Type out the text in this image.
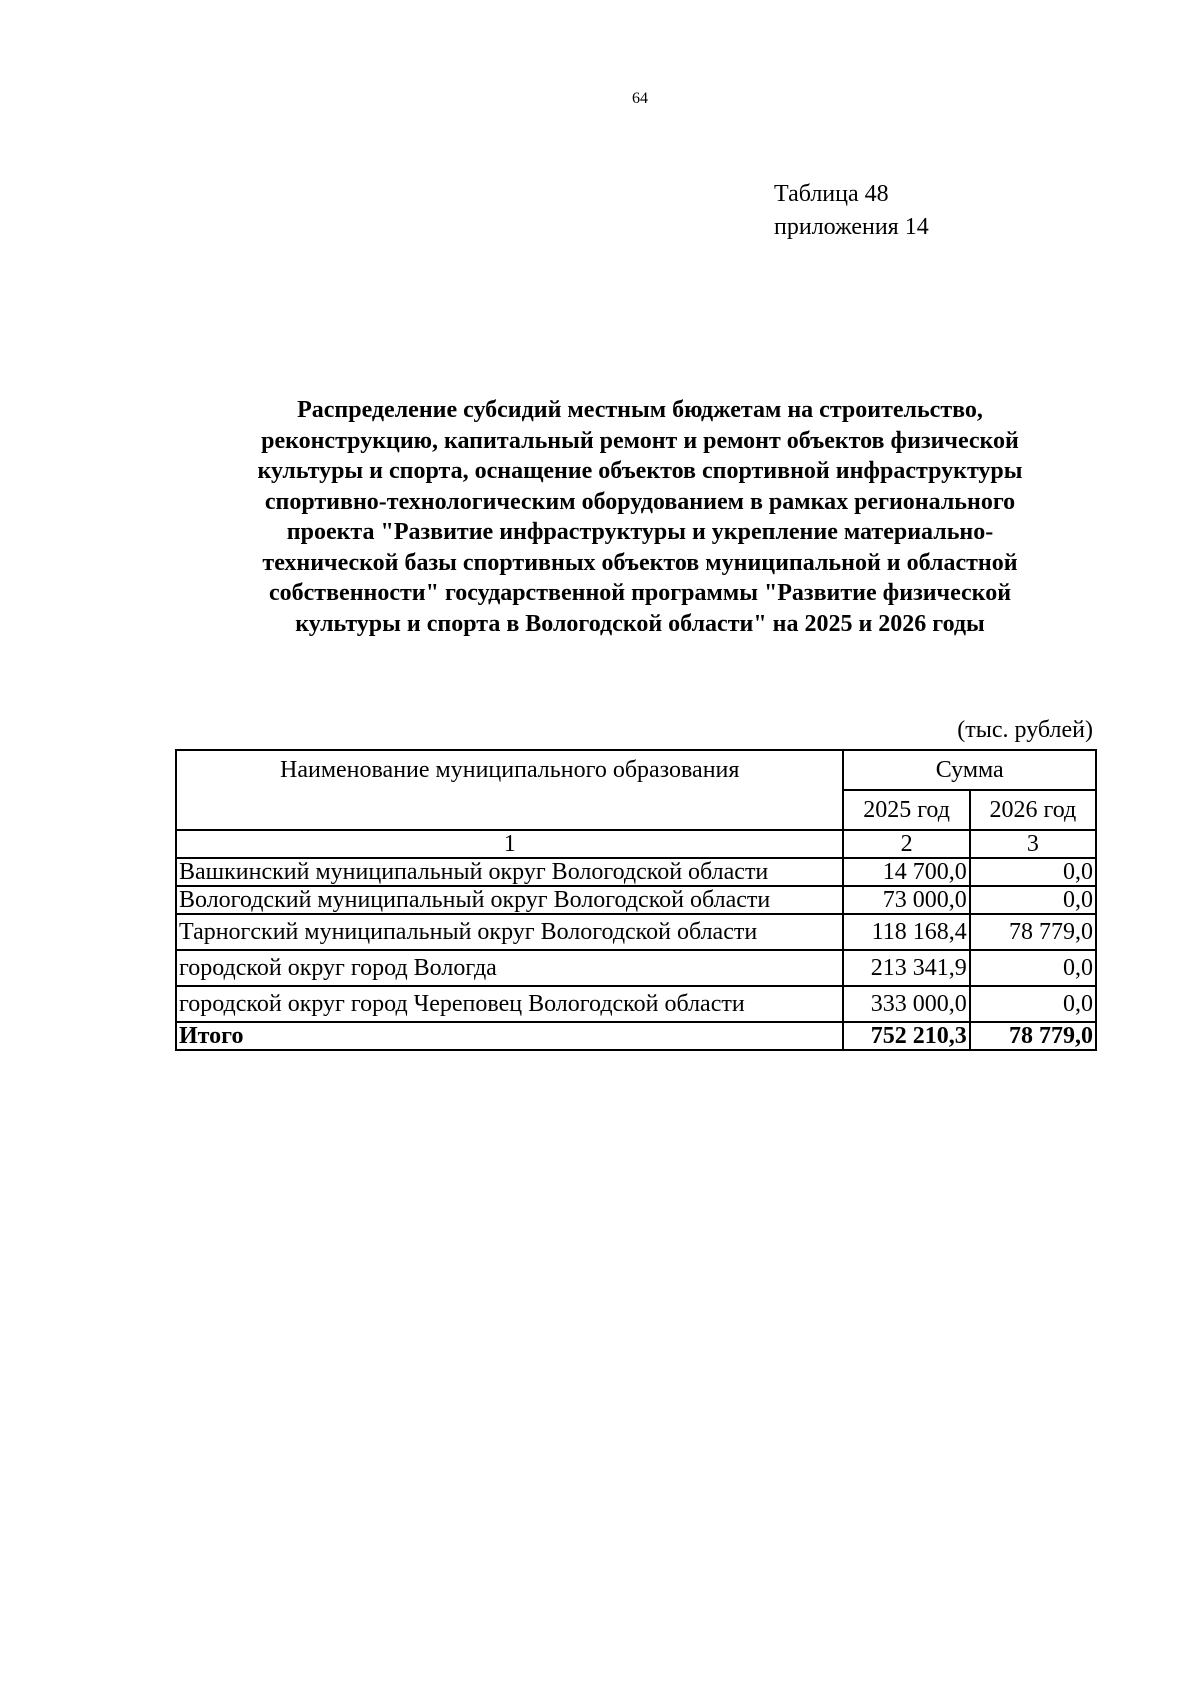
64
Таблица 48
приложения 14
Распределение субсидий местным бюджетам на строительство,
реконструкцию, капитальный ремонт и ремонт объектов физической
культуры и спорта, оснащение объектов спортивной инфраструктуры
спортивно-технологическим оборудованием в рамках регионального
проекта "Развитие инфраструктуры и укрепление материально-
технической базы спортивных объектов муниципальной и областной
собственности" государственной программы "Развитие физической
культуры и спорта в Вологодской области" на 2025 и 2026 годы
(тыс. рублей)
Наименование муниципального образования	Сумма	
	2025 год	2026 год
1	2	3
Вашкинский муниципальный округ Вологодской области	14 700,0	0,0
Вологодский муниципальный округ Вологодской области	73 000,0	0,0
Тарногский муниципальный округ Вологодской области	118 168,4	78 779,0
городской округ город Вологда	213 341,9	0,0
городской округ город Череповец Вологодской области	333 000,0	0,0
Итого	752 210,3	78 779,0
